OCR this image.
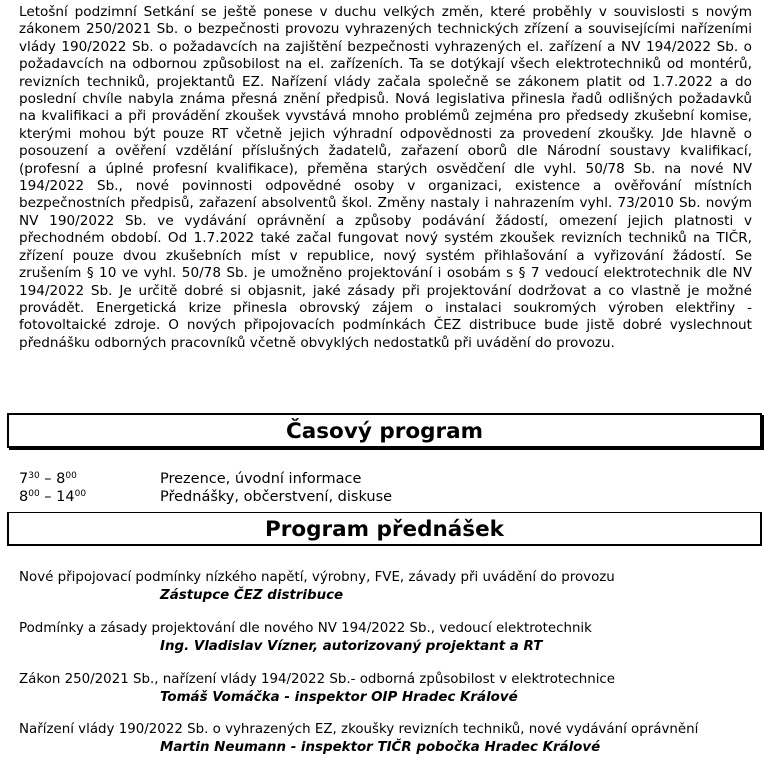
Letošní podzimní Setkání se ještě ponese v duchu velkých změn, které proběhly v souvislosti s novým zákonem 250/2021 Sb. o bezpečnosti provozu vyhrazených technických zřízení a souvisejícími nařízeními vlády 190/2022 Sb. o požadavcích na zajištění bezpečnosti vyhrazených el. zařízení a NV 194/2022 Sb. o požadavcích na odbornou způsobilost na el. zařízeních. Ta se dotýkají všech elektrotechniků od montérů, revizních techniků, projektantů EZ. Nařízení vlády začala společně se zákonem platit od 1.7.2022 a do poslední chvíle nabyla známa přesná znění předpisů. Nová legislativa přinesla řadů odlišných požadavků na kvalifikaci a při provádění zkoušek vyvstává mnoho problémů zejména pro předsedy zkušební komise, kterými mohou být pouze RT včetně jejich výhradní odpovědnosti za provedení zkoušky. Jde hlavně o posouzení a ověření vzdělání příslušných žadatelů, zařazení oborů dle Národní soustavy kvalifikací, (profesní a úplné profesní kvalifikace), přeměna starých osvědčení dle vyhl. 50/78 Sb. na nové NV 194/2022 Sb., nové povinnosti odpovědné osoby v organizaci, existence a ověřování místních bezpečnostních předpisů, zařazení absolventů škol. Změny nastaly i nahrazením vyhl. 73/2010 Sb. novým NV 190/2022 Sb. ve vydávání oprávnění a způsoby podávání žádostí, omezení jejich platnosti v přechodném období. Od 1.7.2022 také začal fungovat nový systém zkoušek revizních techniků na TIČR, zřízení pouze dvou zkušebních míst v republice, nový systém přihlašování a vyřizování žádostí. Se zrušením § 10 ve vyhl. 50/78 Sb. je umožněno projektování i osobám s § 7 vedoucí elektrotechnik dle NV 194/2022 Sb. Je určitě dobré si objasnit, jaké zásady při projektování dodržovat a co vlastně je možné provádět. Energetická krize přinesla obrovský zájem o instalaci soukromých výroben elektřiny - fotovoltaické zdroje. O nových připojovacích podmínkách ČEZ distribuce bude jistě dobré vyslechnout přednášku odborných pracovníků včetně obvyklých nedostatků při uvádění do provozu.

Časový program
$7^{30} - 8^{00}$	Prezence, úvodní informace
$8^{00} - 14^{00}$	Přednášky, občerstvení, diskuse
Program přednášek
Nové připojovací podmínky nízkého napětí, výrobny, FVE, závady při uvádění do provozu
Zástupce ČEZ distribuce
Podmínky a zásady projektování dle nového NV 194/2022 Sb., vedoucí elektrotechnik
Ing. Vladislav Vízner, autorizovaný projektant a RT
Zákon 250/2021 Sb., nařízení vlády 194/2022 Sb.- odborná způsobilost v elektrotechnice
Tomáš Vomáčka - inspektor OIP Hradec Králové
Nařízení vlády 190/2022 Sb. o vyhrazených EZ, zkoušky revizních techniků, nové vydávání oprávnění
Martin Neumann - inspektor TIČR pobočka Hradec Králové
